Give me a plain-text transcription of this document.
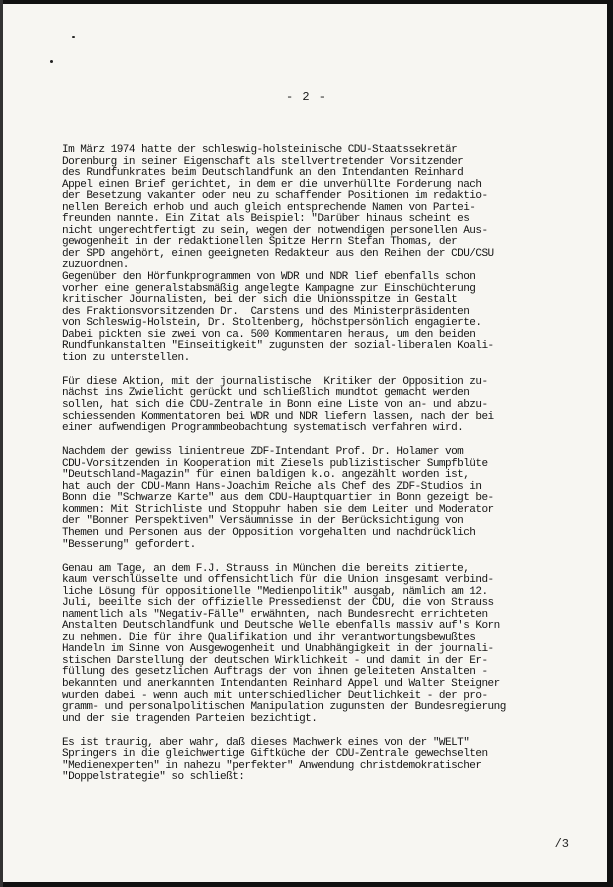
- 2 -
Im März 1974 hatte der schleswig-holsteinische CDU-Staatssekretär
Dorenburg in seiner Eigenschaft als stellvertretender Vorsitzender
des Rundfunkrates beim Deutschlandfunk an den Intendanten Reinhard
Appel einen Brief gerichtet, in dem er die unverhüllte Forderung nach
der Besetzung vakanter oder neu zu schaffender Positionen im redaktio-
nellen Bereich erhob und auch gleich entsprechende Namen von Partei-
freunden nannte. Ein Zitat als Beispiel: "Darüber hinaus scheint es
nicht ungerechtfertigt zu sein, wegen der notwendigen personellen Aus-
gewogenheit in der redaktionellen Spitze Herrn Stefan Thomas, der
der SPD angehört, einen geeigneten Redakteur aus den Reihen der CDU/CSU
zuzuordnen.
Gegenüber den Hörfunkprogrammen von WDR und NDR lief ebenfalls schon
vorher eine generalstabsmäßig angelegte Kampagne zur Einschüchterung
kritischer Journalisten, bei der sich die Unionsspitze in Gestalt
des Fraktionsvorsitzenden Dr.  Carstens und des Ministerpräsidenten
von Schleswig-Holstein, Dr. Stoltenberg, höchstpersönlich engagierte.
Dabei pickten sie zwei von ca. 500 Kommentaren heraus, um den beiden
Rundfunkanstalten "Einseitigkeit" zugunsten der sozial-liberalen Koali-
tion zu unterstellen.
Für diese Aktion, mit der journalistische  Kritiker der Opposition zu-
nächst ins Zwielicht gerückt und schließlich mundtot gemacht werden
sollen, hat sich die CDU-Zentrale in Bonn eine Liste von an- und abzu-
schiessenden Kommentatoren bei WDR und NDR liefern lassen, nach der bei
einer aufwendigen Programmbeobachtung systematisch verfahren wird.
Nachdem der gewiss linientreue ZDF-Intendant Prof. Dr. Holamer vom
CDU-Vorsitzenden in Kooperation mit Ziesels publizistischer Sumpfblüte
"Deutschland-Magazin" für einen baldigen k.o. angezählt worden ist,
hat auch der CDU-Mann Hans-Joachim Reiche als Chef des ZDF-Studios in
Bonn die "Schwarze Karte" aus dem CDU-Hauptquartier in Bonn gezeigt be-
kommen: Mit Strichliste und Stoppuhr haben sie dem Leiter und Moderator
der "Bonner Perspektiven" Versäumnisse in der Berücksichtigung von
Themen und Personen aus der Opposition vorgehalten und nachdrücklich
"Besserung" gefordert.
Genau am Tage, an dem F.J. Strauss in München die bereits zitierte,
kaum verschlüsselte und offensichtlich für die Union insgesamt verbind-
liche Lösung für oppositionelle "Medienpolitik" ausgab, nämlich am 12.
Juli, beeilte sich der offizielle Pressedienst der CDU, die von Strauss
namentlich als "Negativ-Fälle" erwähnten, nach Bundesrecht errichteten
Anstalten Deutschlandfunk und Deutsche Welle ebenfalls massiv auf's Korn
zu nehmen. Die für ihre Qualifikation und ihr verantwortungsbewußtes
Handeln im Sinne von Ausgewogenheit und Unabhängigkeit in der journali-
stischen Darstellung der deutschen Wirklichkeit - und damit in der Er-
füllung des gesetzlichen Auftrags der von ihnen geleiteten Anstalten -
bekannten und anerkannten Intendanten Reinhard Appel und Walter Steigner
wurden dabei - wenn auch mit unterschiedlicher Deutlichkeit - der pro-
gramm- und personalpolitischen Manipulation zugunsten der Bundesregierung
und der sie tragenden Parteien bezichtigt.
Es ist traurig, aber wahr, daß dieses Machwerk eines von der "WELT"
Springers in die gleichwertige Giftküche der CDU-Zentrale gewechselten
"Medienexperten" in nahezu "perfekter" Anwendung christdemokratischer
"Doppelstrategie" so schließt:
/3
